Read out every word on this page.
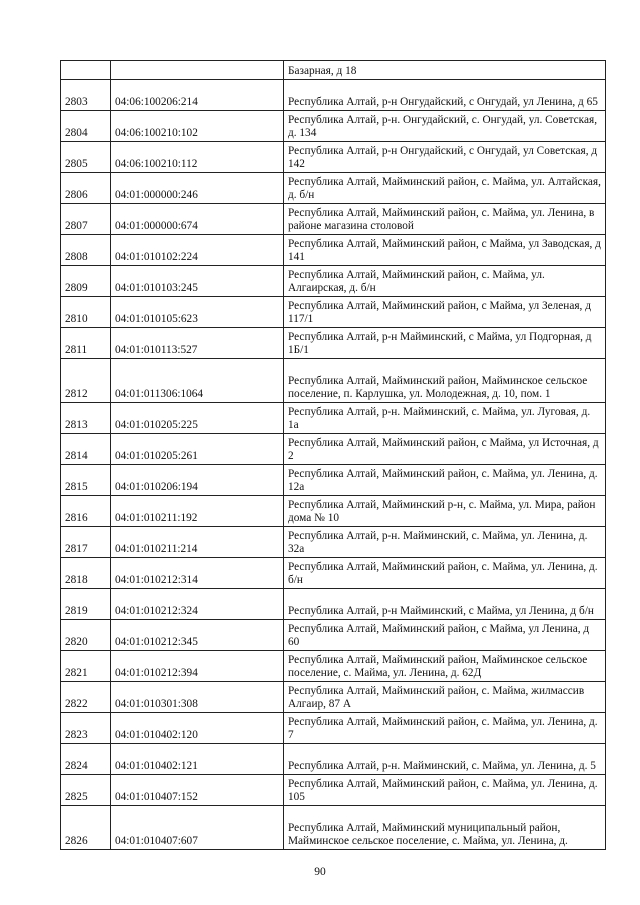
		Базарная, д 18
2803	04:06:100206:214	Республика Алтай, р-н Онгудайский, с Онгудай, ул Ленина, д 65
2804	04:06:100210:102	Республика Алтай, р-н. Онгудайский, с. Онгудай, ул. Советская, д. 134
2805	04:06:100210:112	Республика Алтай, р-н Онгудайский, с Онгудай, ул Советская, д 142
2806	04:01:000000:246	Республика Алтай, Майминский район, с. Майма, ул. Алтайская, д. б/н
2807	04:01:000000:674	Республика Алтай, Майминский район, с. Майма, ул. Ленина, в районе магазина столовой
2808	04:01:010102:224	Республика Алтай, Майминский район, с Майма, ул Заводская, д 141
2809	04:01:010103:245	Республика Алтай, Майминский район, с. Майма, ул. Алгаирская, д. б/н
2810	04:01:010105:623	Республика Алтай, Майминский район, с Майма, ул Зеленая, д 117/1
2811	04:01:010113:527	Республика Алтай, р-н Майминский, с Майма, ул Подгорная, д 1Б/1
2812	04:01:011306:1064	Республика Алтай, Майминский район, Майминское сельское поселение, п. Карлушка, ул. Молодежная, д. 10, пом. 1
2813	04:01:010205:225	Республика Алтай, р-н. Майминский, с. Майма, ул. Луговая, д. 1а
2814	04:01:010205:261	Республика Алтай, Майминский район, с Майма, ул Источная, д 2
2815	04:01:010206:194	Республика Алтай, Майминский район, с. Майма, ул. Ленина, д. 12а
2816	04:01:010211:192	Республика Алтай, Майминский р-н, с. Майма, ул. Мира, район дома № 10
2817	04:01:010211:214	Республика Алтай, р-н. Майминский, с. Майма, ул. Ленина, д. 32а
2818	04:01:010212:314	Республика Алтай, Майминский район, с. Майма, ул. Ленина, д. б/н
2819	04:01:010212:324	Республика Алтай, р-н Майминский, с Майма, ул Ленина, д б/н
2820	04:01:010212:345	Республика Алтай, Майминский район, с Майма, ул Ленина, д 60
2821	04:01:010212:394	Республика Алтай, Майминский район, Майминское сельское поселение, с. Майма, ул. Ленина, д. 62Д
2822	04:01:010301:308	Республика Алтай, Майминский район, с. Майма, жилмассив Алгаир, 87 А
2823	04:01:010402:120	Республика Алтай, Майминский район, с. Майма, ул. Ленина, д. 7
2824	04:01:010402:121	Республика Алтай, р-н. Майминский, с. Майма, ул. Ленина, д. 5
2825	04:01:010407:152	Республика Алтай, Майминский район, с. Майма, ул. Ленина, д. 105
2826	04:01:010407:607	Республика Алтай, Майминский муниципальный район, Майминское сельское поселение, с. Майма, ул. Ленина, д.
90
